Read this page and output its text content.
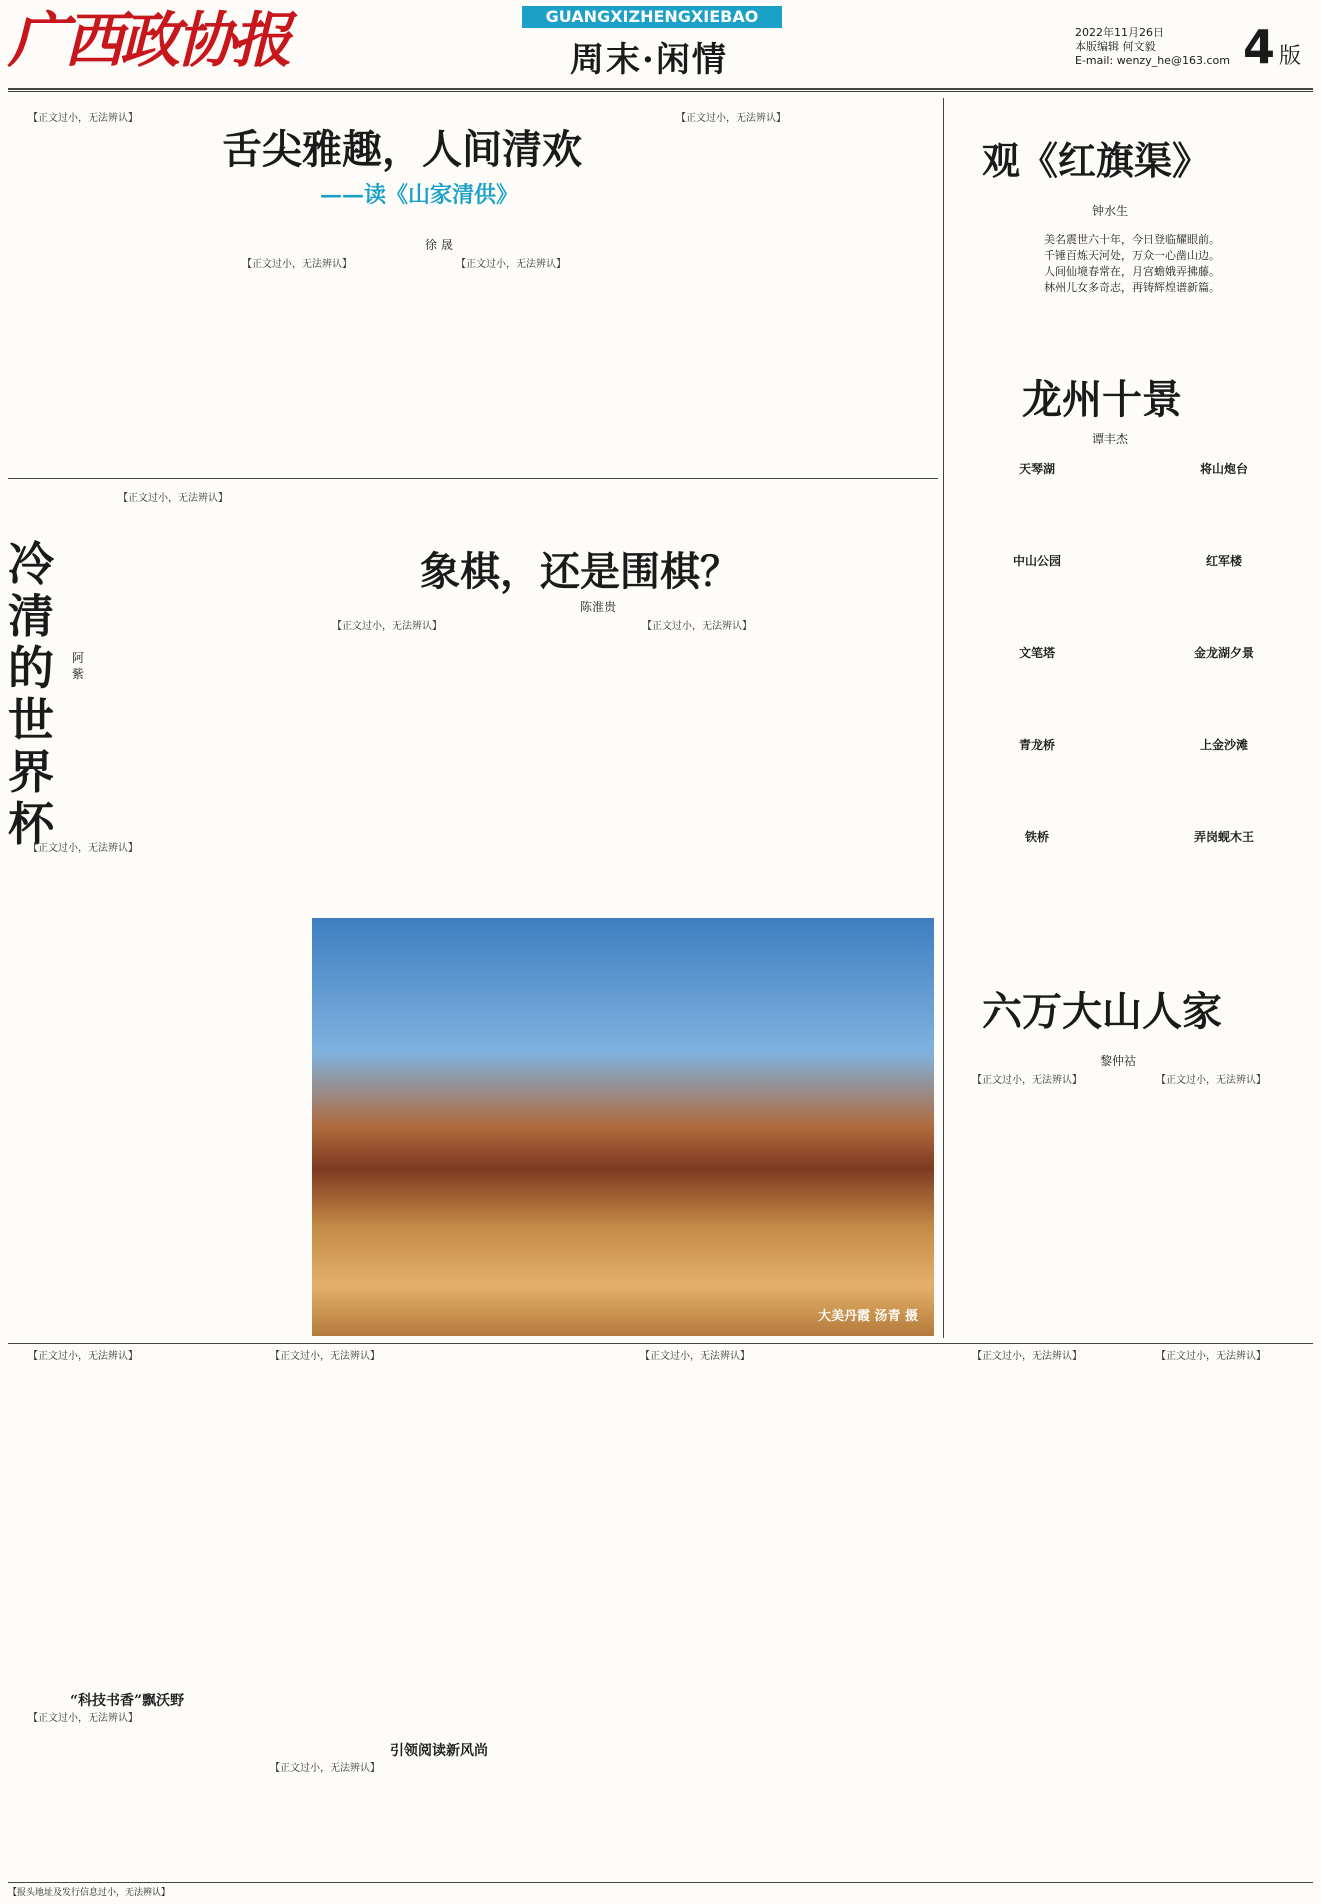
广西政协报	GUANGXIZHENGXIEBAO
周末·闲情
2022年11月26日
本版编辑 何文毅
E-mail: wenzy_he@163.com 4 版

【正文过小，无法辨认】

舌尖雅趣，人间清欢
——读《山家清供》
徐 晟

【正文过小，无法辨认】	【正文过小，无法辨认】

【正文过小，无法辨认】

冷清的世界杯
阿 紫

【正文过小，无法辨认】

【正文过小，无法辨认】

象棋，还是围棋？
陈淮贵

【正文过小，无法辨认】	【正文过小，无法辨认】

大美丹霞 汤青 摄
观《红旗渠》
钟水生
美名震世六十年，今日登临耀眼前。
千锤百炼天河处，万众一心凿山边。
人间仙境春常在，月宫蟾娥弄拂藤。
林州儿女多奇志，再铸辉煌谱新篇。
龙州十景
谭丰杰
天琴湖	将山炮台
中山公园	红军楼
文笔塔	金龙湖夕景
青龙桥	上金沙滩
铁桥	弄岗蚬木王
六万大山人家
黎仲祜

【正文过小，无法辨认】	【正文过小，无法辨认】

【正文过小，无法辨认】

“科技书香”飘沃野

【正文过小，无法辨认】

【正文过小，无法辨认】

引领阅读新风尚

【正文过小，无法辨认】

【正文过小，无法辨认】	【正文过小，无法辨认】	【正文过小，无法辨认】

【报头地址及发行信息过小，无法辨认】
